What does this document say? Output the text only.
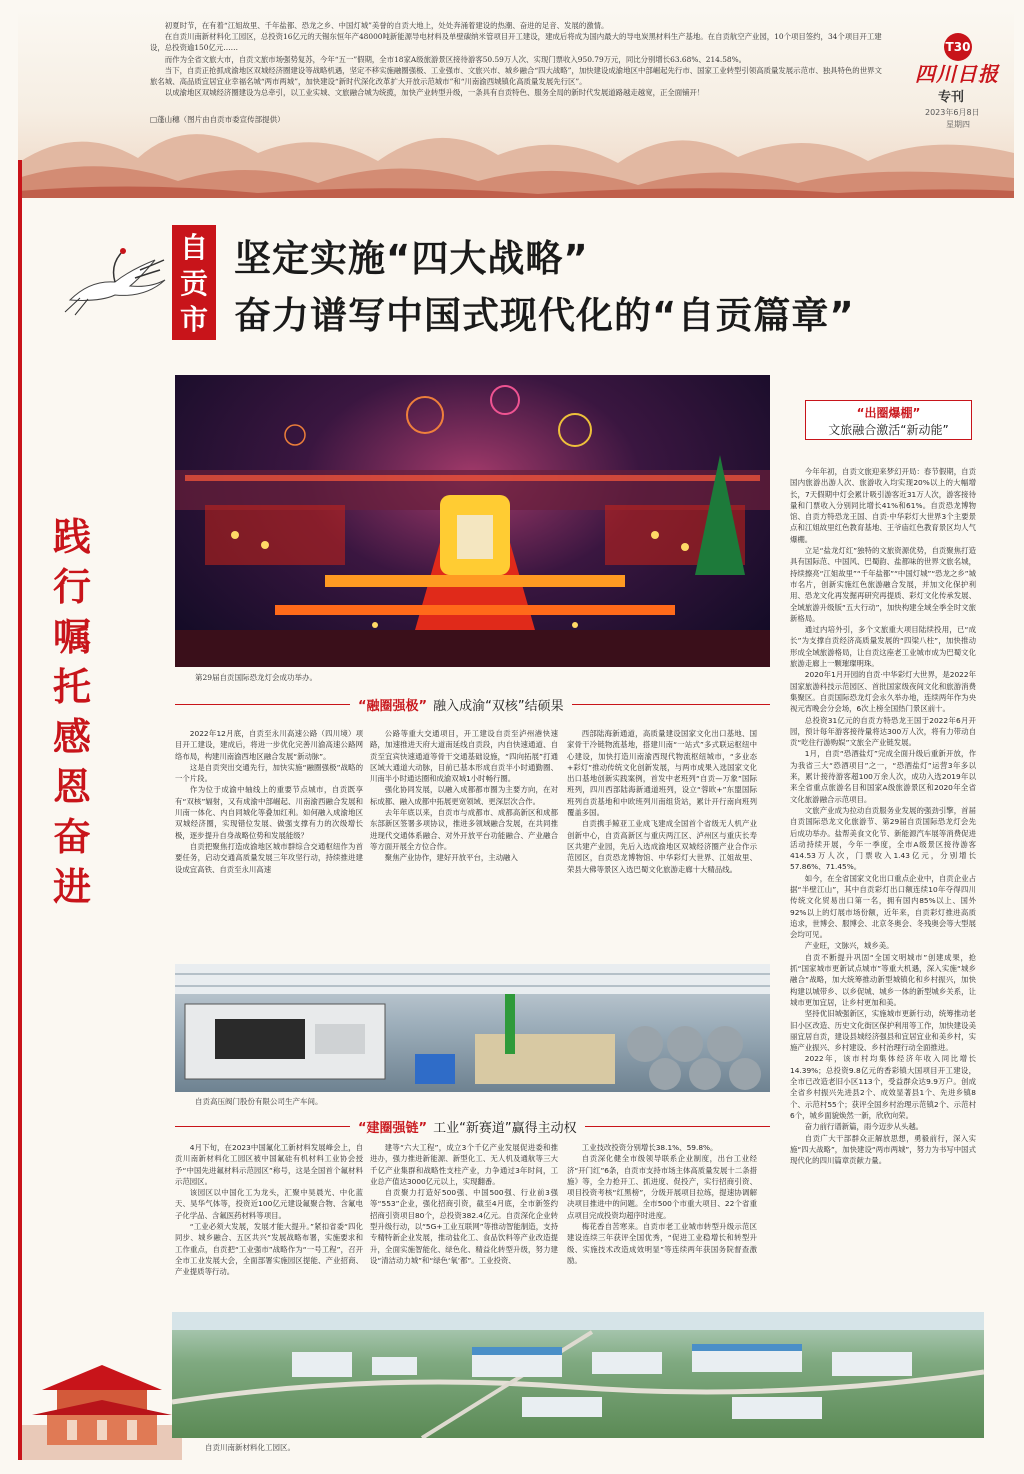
初夏时节，在有着“江姐故里、千年盐都、恐龙之乡、中国灯城”美誉的自贡大地上，处处奔涌着建设的热潮、奋进的足音、发展的激情。

在自贡川南新材料化工园区，总投资16亿元的天锡东恒年产48000吨新能源导电材料及单壁碳纳米管项目开工建设，建成后将成为国内最大的导电炭黑材料生产基地。在自贡航空产业园，10个项目签约，34个项目开工建设，总投资逾150亿元……

而作为全省文旅大市，自贡文旅市场强势复苏，今年“五一”假期，全市18家A级旅游景区接待游客50.59万人次、实现门票收入950.79万元，同比分别增长63.68%、214.58%。

当下，自贡正抢抓成渝地区双城经济圈建设等战略机遇，坚定不移实施融圈强极、工业强市、文旅兴市、城乡融合“四大战略”，加快建设成渝地区中部崛起先行市、国家工业转型引领高质量发展示范市、独具特色的世界文旅名城、高品质宜居宜业幸福名城“两市两城”，加快建设“新时代深化改革扩大开放示范城市”和“川南渝西城镇化高质量发展先行区”。

以成渝地区双城经济圈建设为总牵引，以工业实城、文旅融合城为统揽，加快产业转型升级，一条具有自贡特色、服务全局的新时代发展道路越走越宽，正全面铺开！

□蓬山穗（图片由自贡市委宣传部提供）
T30
四川日报
专刊
2023年6月8日
星期四
自
贡
市
坚定实施“四大战略”
奋力谱写中国式现代化的“自贡篇章”
践
行
嘱
托
感
恩
奋
进
第29届自贡国际恐龙灯会成功举办。
“融圈强极” 融入成渝“双核”结硕果

2022年12月底，自贡至永川高速公路（四川境）项目开工建设，建成后，将进一步优化完善川渝高速公路网络布局，构建川南渝西地区融合发展“新动脉”。

这是自贡突出交通先行，加快实施“融圈强极”战略的一个片段。

作为位于成渝中轴线上的重要节点城市，自贡既享有“双核”辐射，又有成渝中部崛起、川南渝西融合发展和川南一体化、内自同城化等叠加红利。如何融入成渝地区双城经济圈，实现错位发展、做强支撑有力的次级增长极，逐步提升自身战略位势和发展能级？

自贡把聚焦打造成渝地区城市群综合交通枢纽作为首要任务，启动交通高质量发展三年攻坚行动，持续推进建设成宜高铁、自贡至永川高速

公路等重大交通项目，开工建设自贡至泸州港快速路，加速推进天府大道南延线自贡段，内自快速通道、自贡至宜宾快速通道等骨干交通基础设施，“四向拓展”打通区域大通道大动脉，目前已基本形成自贡半小时通勤圈、川南半小时通达圈和成渝双城1小时畅行圈。

强化协同发展，以融入成都都市圈为主要方向，在对标成都、融入成都中拓展更宽领域、更深层次合作。

去年年底以来，自贡市与成都市、成都高新区和成都东部新区签署多项协议，推进多领域融合发展，在共同推进现代交通体系融合、对外开放平台功能融合、产业融合等方面开展全方位合作。

聚焦产业协作，建好开放平台，主动融入

西部陆海新通道，高质量建设国家文化出口基地、国家骨干冷链物流基地，搭建川南“一站式”多式联运枢纽中心建设，加快打造川南渝西现代物流枢纽城市，“多业态+彩灯”推动传统文化创新发展，与两市成果入选国家文化出口基地创新实践案例，首发中老班列“自贡—万象”国际班列，四川西部陆海新通道班列，设立“蓉欧+”东盟国际班列自贡基地和中欧班列川南组货站，累计开行南向班列覆盖多国。

自贡携手鲸亚工业成飞建成全国首个省级无人机产业创新中心，自贡高新区与重庆两江区、泸州区与重庆长寿区共建产业园，先后入选成渝地区双城经济圈产业合作示范园区，自贡恐龙博物馆、中华彩灯大世界、江姐故里、荣县大佛等景区入选巴蜀文化旅游走廊十大精品线。

自贡高压阀门股份有限公司生产车间。
“建圈强链” 工业“新赛道”赢得主动权

4月下旬，在2023中国氟化工新材料发展峰会上，自贡川南新材料化工园区被中国氟硅有机材料工业协会授予“中国先进氟材料示范园区”称号，这是全国首个氟材料示范园区。

该园区以中国化工为龙头，汇聚中昊晨光、中化蓝天、昊华气体等，投资近100亿元建设氟聚合物、含氟电子化学品、含氟医药材料等项目。

“工业必须大发展，发展才能大提升。”紧扣省委“四化同步、城乡融合、五区共兴”发展战略布署，实施要求和工作重点，自贡把“工业强市”战略作为“一号工程”，召开全市工业发展大会，全面部署实施园区提能、产业招商、产业提质等行动。

建等“六大工程”，成立3个千亿产业发展促进委和推进办，强力推进新能源、新型化工、无人机及通航等三大千亿产业集群和战略性支柱产业，力争通过3年时间，工业总产值达3000亿元以上，实现翻番。

自贡聚力打造好500强、中国500强、行业前3强等“553”企业，强化招商引资，截至4月底，全市新签约招商引资项目80个，总投资382.4亿元。自贡深化企业转型升级行动，以“5G+工业互联网”等推动智能制造，支持专精特新企业发展，推动盐化工、食品饮料等产业改造提升，全面实施智能化、绿色化、精益化转型升级，努力建设“清洁动力城”和“绿色‘氧’都”。工业投资、

工业技改投资分别增长38.1%、59.8%。

自贡深化健全市级领导联系企业制度，出台工业经济“开门红”6条，自贡市支持市场主体高质量发展十二条措施》等，全力抢开工、抓进度、促投产，实行招商引资、项目投资考核“红黑榜”，分级开展项目拉练，提速协调解决项目推进中的问题。全市500个市重大项目、22个省重点项目完成投资均超序时进度。

梅花香自苦寒来。自贡市老工业城市转型升级示范区建设连续三年获评全国优秀，“促进工业稳增长和转型升级、实施技术改造成效明显”等连续两年获国务院督查激励。

“出圈爆棚”
文旅融合激活“新动能”

今年年初，自贡文旅迎来梦幻开局：春节假期，自贡国内旅游出游人次、旅游收入均实现20%以上的大幅增长，7天假期中灯会累计吸引游客近31万人次，游客接待量和门票收入分别同比增长41%和61%。自贡恐龙博物馆、自贡方特恐龙王国、自贡·中华彩灯大世界3个主要景点和江姐故里红色教育基地、王爷庙红色教育景区均人气爆棚。

立足“盐龙灯红”独特的文旅资源优势，自贡聚焦打造具有国际范、中国风、巴蜀韵、盐都味的世界文旅名城，持续擦亮“江姐故里”“千年盐都”“中国灯城”“恐龙之乡”城市名片，创新实施红色旅游融合发展，并加文化保护利用、恐龙文化再发掘再研究再提质、彩灯文化传承发展、全域旅游升级版“五大行动”，加快构建全域全季全时文旅新格局。

通过内培外引，多个文旅重大项目陆续投用，已“成长”为支撑自贡经济高质量发展的“四梁八柱”，加快推动形成全域旅游格局，让自贡这座老工业城市成为巴蜀文化旅游走廊上一颗璀璨明珠。

2020年1月开园的自贡·中华彩灯大世界，是2022年国家旅游科技示范园区、首批国家级夜间文化和旅游消费集聚区。自贡国际恐龙灯会永久举办地，连续两年作为央视元宵晚会分会场，6次上榜全国热门景区前十。

总投资31亿元的自贡方特恐龙王国于2022年6月开园，预计每年游客接待量将达300万人次，将有力带动自贡“吃住行游购娱”文旅全产业链发展。

1月，自贡“恐酒盐灯”完成全面升级后重新开放，作为我省三大“恐酒项目”之一，“恐酒盐灯”运营3年多以来，累计接待游客超100万余人次，成功入选2019年以来全省重点旅游名目和国家A级旅游景区和2020年全省文化旅游融合示范项目。

文旅产业成为拉动自贡服务业发展的强劲引擎，首届自贡国际恐龙文化旅游节、第29届自贡国际恐龙灯会先后成功举办。盐帮美食文化节、新能源汽车展等消费促进活动持续开展，今年一季度，全市A级景区接待游客414.53万人次，门票收入1.43亿元，分别增长57.86%、71.45%。

如今，在全省国家文化出口重点企业中，自贡企业占据“半壁江山”，其中自贡彩灯出口额连续10年夺得四川传统文化贸易出口第一名，拥有国内85%以上、国外92%以上的灯展市场份额，近年来，自贡彩灯推进高质追求，世博会、服博会、北京冬奥会、冬残奥会等大型展会均可见。

产业旺，文脉兴，城乡美。

自贡不断提升巩固“全国文明城市”创建成果，抢抓“国家城市更新试点城市”等重大机遇，深入实施“城乡融合”战略，加大统筹推动新型城镇化和乡村振兴，加快构建以城带乡、以乡促城、城乡一体的新型城乡关系，让城市更加宜居，让乡村更加和美。

坚持优旧城强新区，实施城市更新行动，统筹推动老旧小区改造、历史文化街区保护利用等工作，加快建设美丽宜居自贡，建设县城经济强县和宜居宜业和美乡村，实施产业振兴、乡村建设、乡村治理行动全面推进。

2022年，该市村均集体经济年收入同比增长14.39%；总投资9.8亿元的香彩镇大国项目开工建设，全市已改造老旧小区113个，受益群众达9.9万户。创成全省乡村振兴先进县2个、成效显著县1个、先进乡镇8个、示范村55个；获评全国乡村治理示范镇2个、示范村6个，城乡面貌焕然一新，欣欣向荣。

奋力前行谱新篇，雨今迈步从头越。

自贡广大干部群众正解放思想，勇毅前行，深入实施“四大战略”，加快建设“两市两城”，努力为书写中国式现代化的四川篇章贡献力量。

自贡川南新材料化工园区。
